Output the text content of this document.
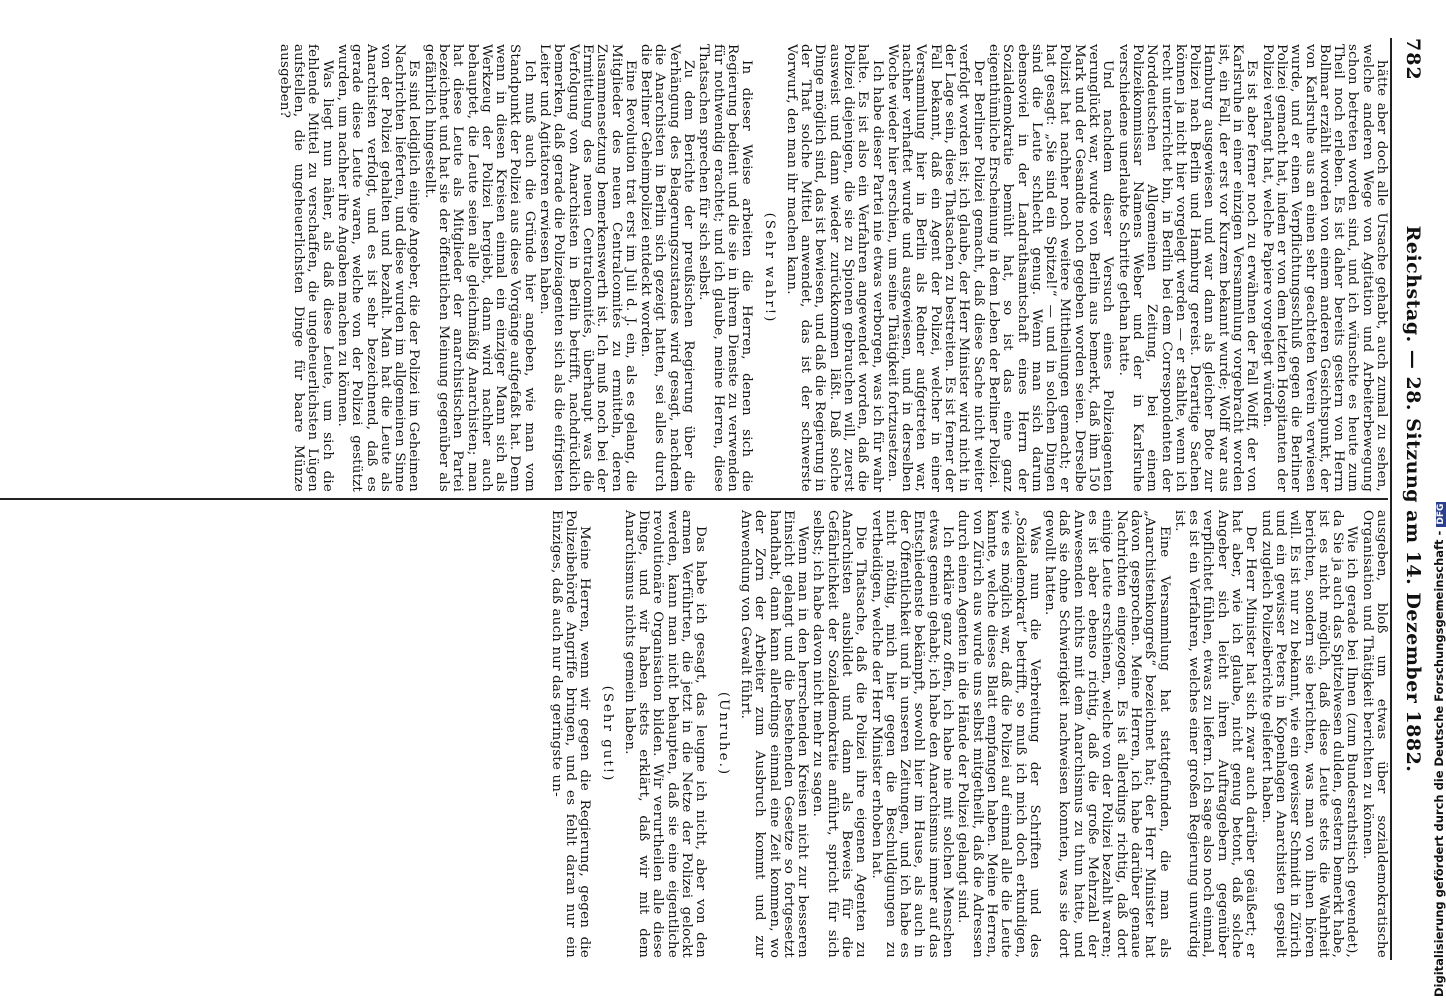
782
Reichstag. — 28. Sitzung am 14. Dezember 1882.

hätte aber doch alle Ursache gehabt, auch zumal zu sehen, welche anderen Wege von Agitation und Arbeiterbewegung schon betreten worden sind, und ich wünschte es heute zum Theil noch erleben. Es ist daher bereits gestern von Herrn Bollmar erzählt worden von einem anderen Gesichtspunkt, der von Karlsruhe aus an einen sehr geachteten Verein verwiesen wurde, und er einen Verpflichtungsschluß gegen die Berliner Polizei gemacht hat, indem er von dem letzten Hospitanten der Polizei verlangt hat, welche Papiere vorgelegt würden.

Es ist aber ferner noch zu erwähnen der Fall Wolff, der von Karlsruhe in einer einzigen Versammlung vorgebracht worden ist, ein Fall, der erst vor Kurzem bekannt wurde; Wolff war aus Hamburg ausgewiesen und war dann als gleicher Bote zur Polizei nach Berlin und Hamburg gereist. Derartige Sachen können ja nicht hier vorgelegt werden — er stahlte, wenn ich recht unterrichtet bin, in Berlin bei dem Correspondenten der Norddeutschen Allgemeinen Zeitung, bei einem Polizeikommissar Namens Weber und der in Karlsruhe verschiedene unerlaubte Schritte gethan hatte.

Und nachdem dieser Versuch eines Polizeiagenten verunglückt war, wurde von Berlin aus bemerkt, daß ihm 150 Mark und der Gesandte noch gegeben worden seien. Derselbe Polizist hat nachher noch weitere Mittheilungen gemacht; er hat gesagt: „Sie sind ein Spitzel!“ — und in solchen Dingen sind die Leute schlecht genug. Wenn man sich darum ebensoviel in der Landrathsamtschaft eines Herrn der Sozialdemokratie bemüht hat, so ist das eine ganz eigenthümliche Erscheinung in dem Leben der Berliner Polizei.

Der Berliner Polizei gemacht, daß diese Sache nicht weiter verfolgt worden ist; ich glaube, der Herr Minister wird nicht in der Lage sein, diese Thatsachen zu bestreiten. Es ist ferner der Fall bekannt, daß ein Agent der Polizei, welcher in einer Versammlung hier in Berlin als Redner aufgetreten war, nachher verhaftet wurde und ausgewiesen, und in derselben Woche wieder hier erschien, um seine Thätigkeit fortzusetzen.

Ich habe dieser Partei nie etwas verborgen, was ich für wahr halte. Es ist also ein Verfahren angewendet worden, daß die Polizei diejenigen, die sie zu Spionen gebrauchen will, zuerst ausweist und dann wieder zurückkommen läßt. Daß solche Dinge möglich sind, das ist bewiesen, und daß die Regierung in der That solche Mittel anwendet, das ist der schwerste Vorwurf, den man ihr machen kann.

(Sehr wahr!)

In dieser Weise arbeiten die Herren, denen sich die Regierung bedient und die sie in ihrem Dienste zu verwenden für nothwendig erachtet; und ich glaube, meine Herren, diese Thatsachen sprechen für sich selbst.

Zu dem Berichte der preußischen Regierung über die Verhängung des Belagerungszustandes wird gesagt, nachdem die Anarchisten in Berlin sich gezeigt hatten, sei alles durch die Berliner Geheimpolizei entdeckt worden.

Eine Revolution trat erst im Juli d. J. ein, als es gelang, die Mitglieder des neuen Centralcomités zu ermitteln, deren Zusammensetzung bemerkenswerth ist. Ich muß noch bei der Ermittelung des neuen Centralcomités, überhaupt was die Verfolgung von Anarchisten in Berlin betrifft, nachdrücklich bemerken, daß gerade die Polizeiagenten sich als die eifrigsten Leiter und Agitatoren erwiesen haben.

Ich muß auch die Gründe hier angeben, wie man vom Standpunkt der Polizei aus diese Vorgänge aufgefaßt hat. Denn wenn in diesen Kreisen einmal ein einziger Mann sich als Werkzeug der Polizei hergiebt, dann wird nachher auch behauptet, die Leute seien alle gleichmäßig Anarchisten; man hat diese Leute als Mitglieder der anarchistischen Partei bezeichnet und hat sie der öffentlichen Meinung gegenüber als gefährlich hingestellt.

Es sind lediglich einige Angeber, die der Polizei im Geheimen Nachrichten lieferten, und diese wurden im allgemeinen Sinne von der Polizei gehalten und bezahlt. Man hat die Leute als Anarchisten verfolgt, und es ist sehr bezeichnend, daß es gerade diese Leute waren, welche von der Polizei gestützt wurden, um nachher ihre Angaben machen zu können.

Was liegt nun näher, als daß diese Leute, um sich die fehlende Mittel zu verschaffen, die ungeheuerlichsten Lügen aufstellen, die ungeheuerlichsten Dinge für baare Münze ausgeben?

ausgeben, bloß um etwas über sozialdemokratische Organisation und Thätigkeit berichten zu können.

Wie ich gerade bei Ihnen (zum Bundesrathstisch gewendet), da Sie ja auch das Spitzelwesen dulden, gestern bemerkt habe, ist es nicht möglich, daß diese Leute stets die Wahrheit berichten, sondern sie berichten, was man von ihnen hören will. Es ist nur zu bekannt, wie ein gewisser Schmidt in Zürich und ein gewisser Peters in Kopenhagen Anarchisten gespielt und zugleich Polizeiberichte geliefert haben.

Der Herr Minister hat sich zwar auch darüber geäußert; er hat aber, wie ich glaube, nicht genug betont, daß solche Angeber sich leicht ihren Auftraggebern gegenüber verpflichtet fühlen, etwas zu liefern. Ich sage also noch einmal, es ist ein Verfahren, welches einer großen Regierung unwürdig ist.

Eine Versammlung hat stattgefunden, die man als „Anarchistenkongreß“ bezeichnet hat; der Herr Minister hat davon gesprochen. Meine Herren, ich habe darüber genaue Nachrichten eingezogen. Es ist allerdings richtig, daß dort einige Leute erschienen, welche von der Polizei bezahlt waren; es ist aber ebenso richtig, daß die große Mehrzahl der Anwesenden nichts mit dem Anarchismus zu thun hatte, und daß sie ohne Schwierigkeit nachweisen konnten, was sie dort gewollt hatten.

Was nun die Verbreitung der Schriften und des „Sozialdemokrat“ betrifft, so muß ich mich doch erkundigen, wie es möglich war, daß die Polizei auf einmal alle die Leute kannte, welche dieses Blatt empfangen haben. Meine Herren, von Zürich aus wurde uns selbst mitgetheilt, daß die Adressen durch einen Agenten in die Hände der Polizei gelangt sind.

Ich erkläre ganz offen, ich habe nie mit solchen Menschen etwas gemein gehabt; ich habe den Anarchismus immer auf das Entschiedenste bekämpft, sowohl hier im Hause, als auch in der Öffentlichkeit und in unseren Zeitungen, und ich habe es nicht nöthig, mich hier gegen die Beschuldigungen zu vertheidigen, welche der Herr Minister erhoben hat.

Die Thatsache, daß die Polizei ihre eigenen Agenten zu Anarchisten ausbildet und dann als Beweis für die Gefährlichkeit der Sozialdemokratie anführt, spricht für sich selbst; ich habe davon nicht mehr zu sagen.

Wenn man in den herrschenden Kreisen nicht zur besseren Einsicht gelangt und die bestehenden Gesetze so fortgesetzt handhabt, dann kann allerdings einmal eine Zeit kommen, wo der Zorn der Arbeiter zum Ausbruch kommt und zur Anwendung von Gewalt führt.

(Unruhe.)

Das habe ich gesagt, das leugne ich nicht, aber von den armen Verführten, die jetzt in die Netze der Polizei gelockt werden, kann man nicht behaupten, daß sie eine eigentliche revolutionäre Organisation bilden. Wir verurtheilen alle diese Dinge, und wir haben stets erklärt, daß wir mit dem Anarchismus nichts gemein haben.

(Sehr gut!)

Meine Herren, wenn wir gegen die Regierung, gegen die Polizeibehörde Angriffe bringen, und es fehlt daran nur ein Einziges, daß auch nur das geringste un-	Digitalisierung gefördert durch die Deutsche Forschungsgemeinschaft -DFG
